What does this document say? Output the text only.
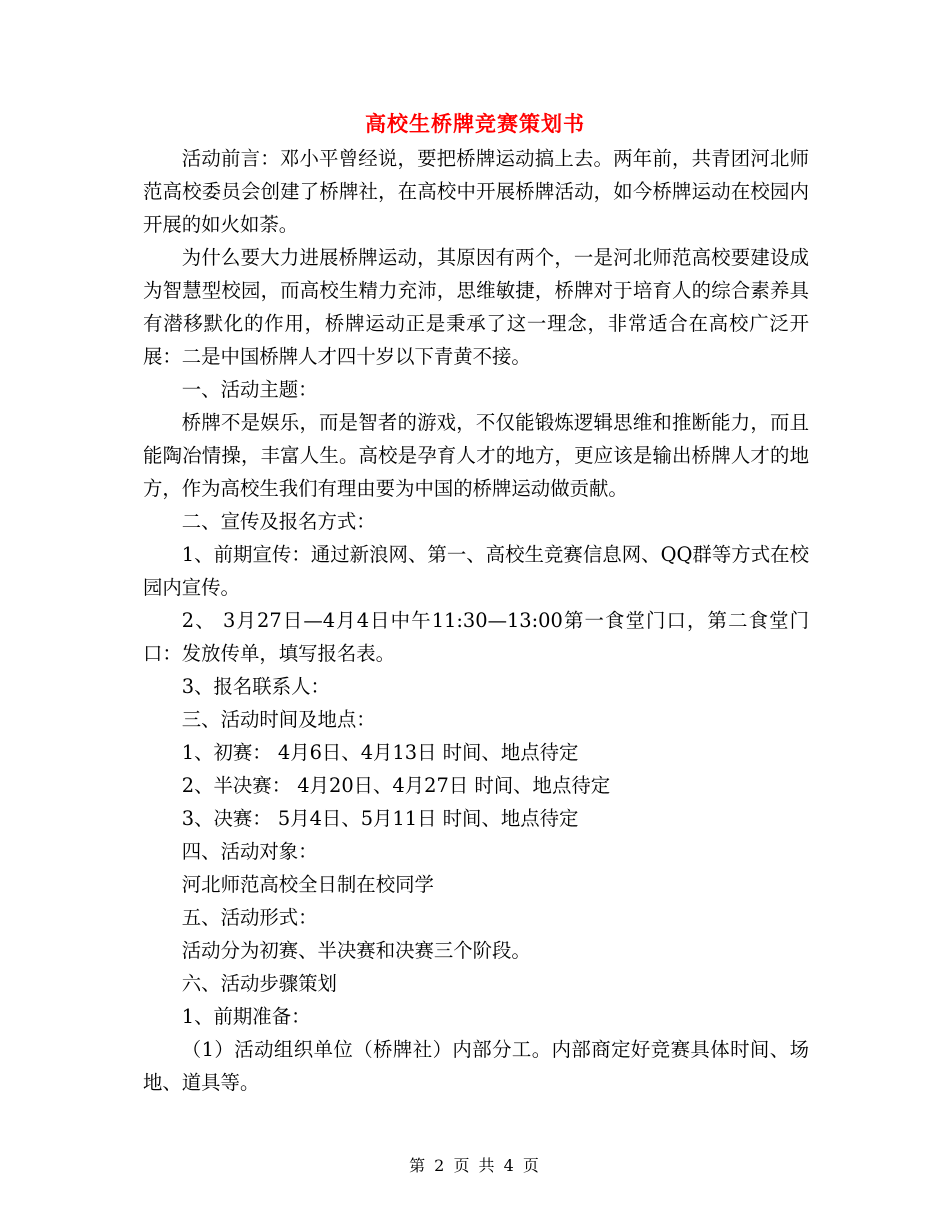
高校生桥牌竞赛策划书

活动前言：邓小平曾经说，要把桥牌运动搞上去。两年前，共青团河北师范高校委员会创建了桥牌社，在高校中开展桥牌活动，如今桥牌运动在校园内开展的如火如荼。

为什么要大力进展桥牌运动，其原因有两个，一是河北师范高校要建设成为智慧型校园，而高校生精力充沛，思维敏捷，桥牌对于培育人的综合素养具有潜移默化的作用，桥牌运动正是秉承了这一理念，非常适合在高校广泛开展：二是中国桥牌人才四十岁以下青黄不接。

一、活动主题：

桥牌不是娱乐，而是智者的游戏，不仅能锻炼逻辑思维和推断能力，而且能陶冶情操，丰富人生。高校是孕育人才的地方，更应该是输出桥牌人才的地方，作为高校生我们有理由要为中国的桥牌运动做贡献。

二、宣传及报名方式：

1、前期宣传：通过新浪网、第一、高校生竞赛信息网、QQ群等方式在校园内宣传。

2、 3月27日—4月4日中午11:30—13:00第一食堂门口，第二食堂门口：发放传单，填写报名表。

3、报名联系人：

三、活动时间及地点：

1、初赛： 4月6日、4月13日 时间、地点待定

2、半决赛： 4月20日、4月27日 时间、地点待定

3、决赛： 5月4日、5月11日 时间、地点待定

四、活动对象：

河北师范高校全日制在校同学

五、活动形式：

活动分为初赛、半决赛和决赛三个阶段。

六、活动步骤策划

1、前期准备：

（1）活动组织单位（桥牌社）内部分工。内部商定好竞赛具体时间、场地、道具等。

第 2 页 共 4 页
